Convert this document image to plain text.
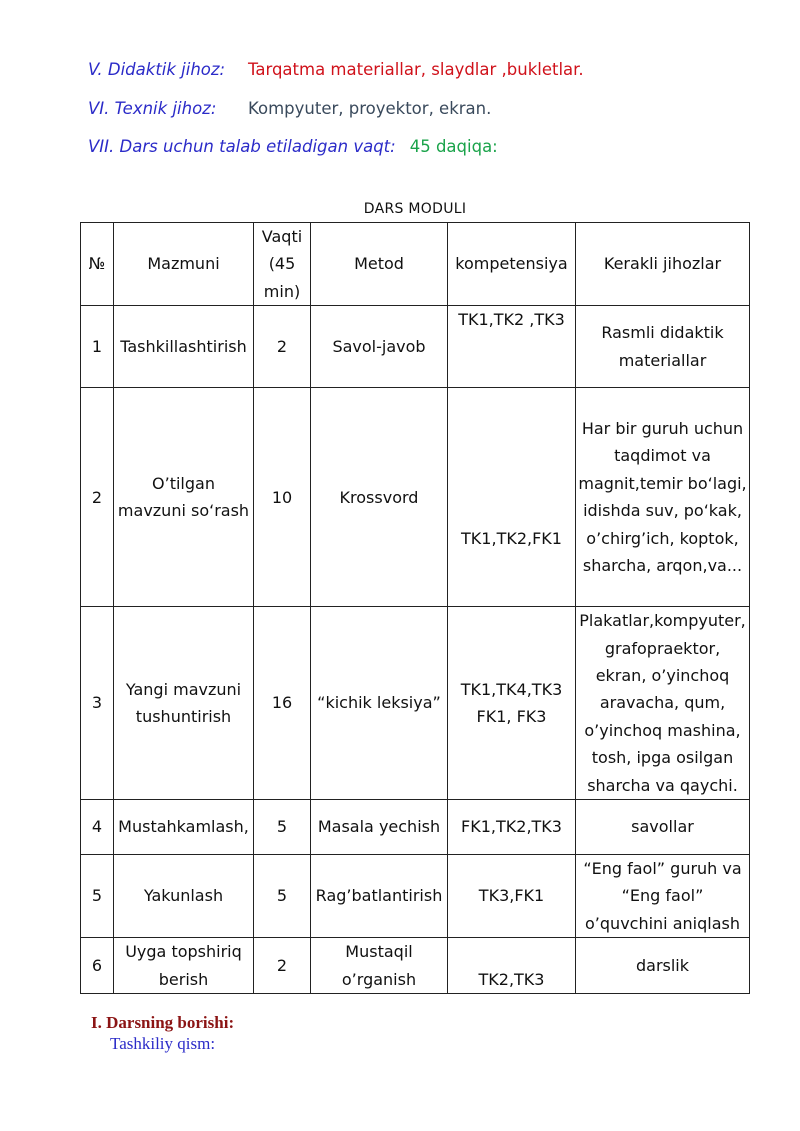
V. Didaktik jihoz: Tarqatma materiallar, slaydlar ,bukletlar.
VI. Texnik jihoz: Kompyuter, proyektor, ekran.
VII. Dars uchun talab etiladigan vaqt: 45 daqiqa:
DARS MODULI
№	Mazmuni	Vaqti (45 min)	Metod	kompetensiya	Kerakli jihozlar
1	Tashkillashtirish	2	Savol-javob	TK1,TK2 ,TK3	Rasmli didaktik materiallar
2	O’tilgan mavzuni so‘rash	10	Krossvord	TK1,TK2,FK1	Har bir guruh uchun taqdimot va magnit,temir bo‘lagi, idishda suv, po‘kak, o’chirg’ich, koptok, sharcha, arqon,va...
3	Yangi mavzuni tushuntirish	16	“kichik leksiya”	TK1,TK4,TK3 FK1, FK3	Plakatlar,kompyuter, grafopraektor, ekran, o’yinchoq aravacha, qum, o’yinchoq mashina, tosh, ipga osilgan sharcha va qaychi.
4	Mustahkamlash,	5	Masala yechish	FK1,TK2,TK3	savollar
5	Yakunlash	5	Rag’batlantirish	TK3,FK1	“Eng faol” guruh va “Eng faol” o’quvchini aniqlash
6	Uyga topshiriq berish	2	Mustaqil o’rganish	TK2,TK3	darslik
I. Darsning borishi:
Tashkiliy qism:
